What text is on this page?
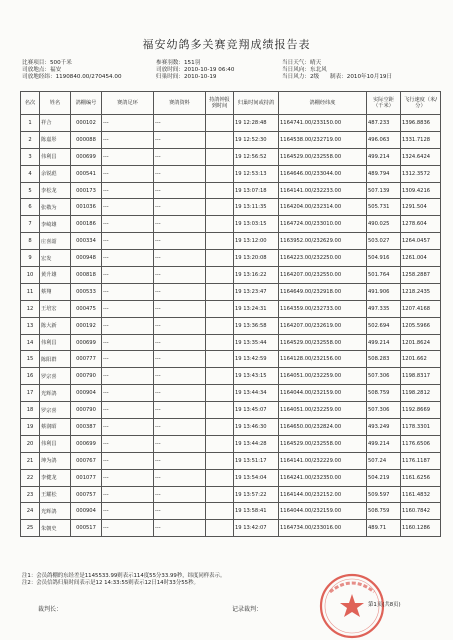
福安幼鸽多关赛竞翔成绩报告表
比赛项目：500千米
司放地点：福安
司放地经纬：1190840.00/270454.00
参赛羽数：151羽
司放时间：2010-10-19 06:40
归巢时间：2010-10-19
当日天气：晴天
当日风向：东北风
当日风力：2级	制表：2010年10月19日
名次	姓名	鸽棚编号	赛鸽足环	赛鸽资料	持鸽钟报到时间	归巢时间或持鸽	鸽棚经纬度	实际空距（千米）	飞行速度（米/分）
1	祥合	000102	---	---		19 12:28:48	1164741.00/233150.00	487.233	1396.8836
2	陈嘉彤	000088	---	---		19 12:52:30	1164538.00/232719.00	496.063	1331.7128
3	伟利昌	000699	---	---		19 12:56:52	1164529.00/232558.00	499.214	1324.6424
4	余锐彪	000541	---	---		19 12:53:13	1164646.00/233044.00	489.794	1312.3572
5	李松龙	000173	---	---		19 13:07:18	1164141.00/232233.00	507.139	1309.4216
6	张敬为	001036	---	---		19 13:11:35	1164204.00/232314.00	505.731	1291.504
7	李崎雄	000186	---	---		19 13:03:15	1164724.00/233010.00	490.025	1278.604
8	庄喜韶	000334	---	---		19 13:12:00	1163952.00/232629.00	503.027	1264.0457
9	宏发	000948	---	---		19 13:20:08	1164223.00/232250.00	504.916	1261.004
10	黄升雄	000818	---	---		19 13:16:22	1164207.00/232550.00	501.764	1258.2887
11	蔡翔	000533	---	---		19 13:23:47	1164649.00/232918.00	491.906	1218.2435
12	王培宏	000475	---	---		19 13:24:31	1164359.00/232733.00	497.335	1207.4168
13	陈大新	000192	---	---		19 13:36:58	1164207.00/232619.00	502.694	1205.5966
14	伟利昌	000699	---	---		19 13:35:44	1164529.00/232558.00	499.214	1201.8624
15	陈阳群	000777	---	---		19 13:42:59	1164128.00/232156.00	508.283	1201.662
16	罗宗喜	000790	---	---		19 13:43:15	1164051.00/232259.00	507.306	1198.8317
17	光辉鸽	000904	---	---		19 13:44:34	1164044.00/232159.00	508.759	1198.2812
18	罗宗喜	000790	---	---		19 13:45:07	1164051.00/232259.00	507.306	1192.8669
19	蔡润昭	000387	---	---		19 13:46:30	1164650.00/232824.00	493.249	1178.3301
20	伟利昌	000699	---	---		19 13:44:28	1164529.00/232558.00	499.214	1176.6506
21	坤为鸽	000767	---	---		19 13:51:17	1164141.00/232229.00	507.24	1176.1187
22	李健龙	001077	---	---		19 13:54:04	1164241.00/232350.00	504.219	1161.6256
23	王耀松	000757	---	---		19 13:57:22	1164144.00/232152.00	509.597	1161.4832
24	光辉鸽	000904	---	---		19 13:58:41	1164044.00/232159.00	508.759	1160.7842
25	朱朝史	000517	---	---		19 13:42:07	1164734.00/233016.00	489.71	1160.1286
注1：会员鸽棚的东经差是1145533.99则表示114度55分33.99秒，纬度同样表示。
注2：会员信鸽归巢时间表示是12 14:33:55则表示12日14时33分55秒。
裁判长：	记录裁判：
第1页(共8页)
